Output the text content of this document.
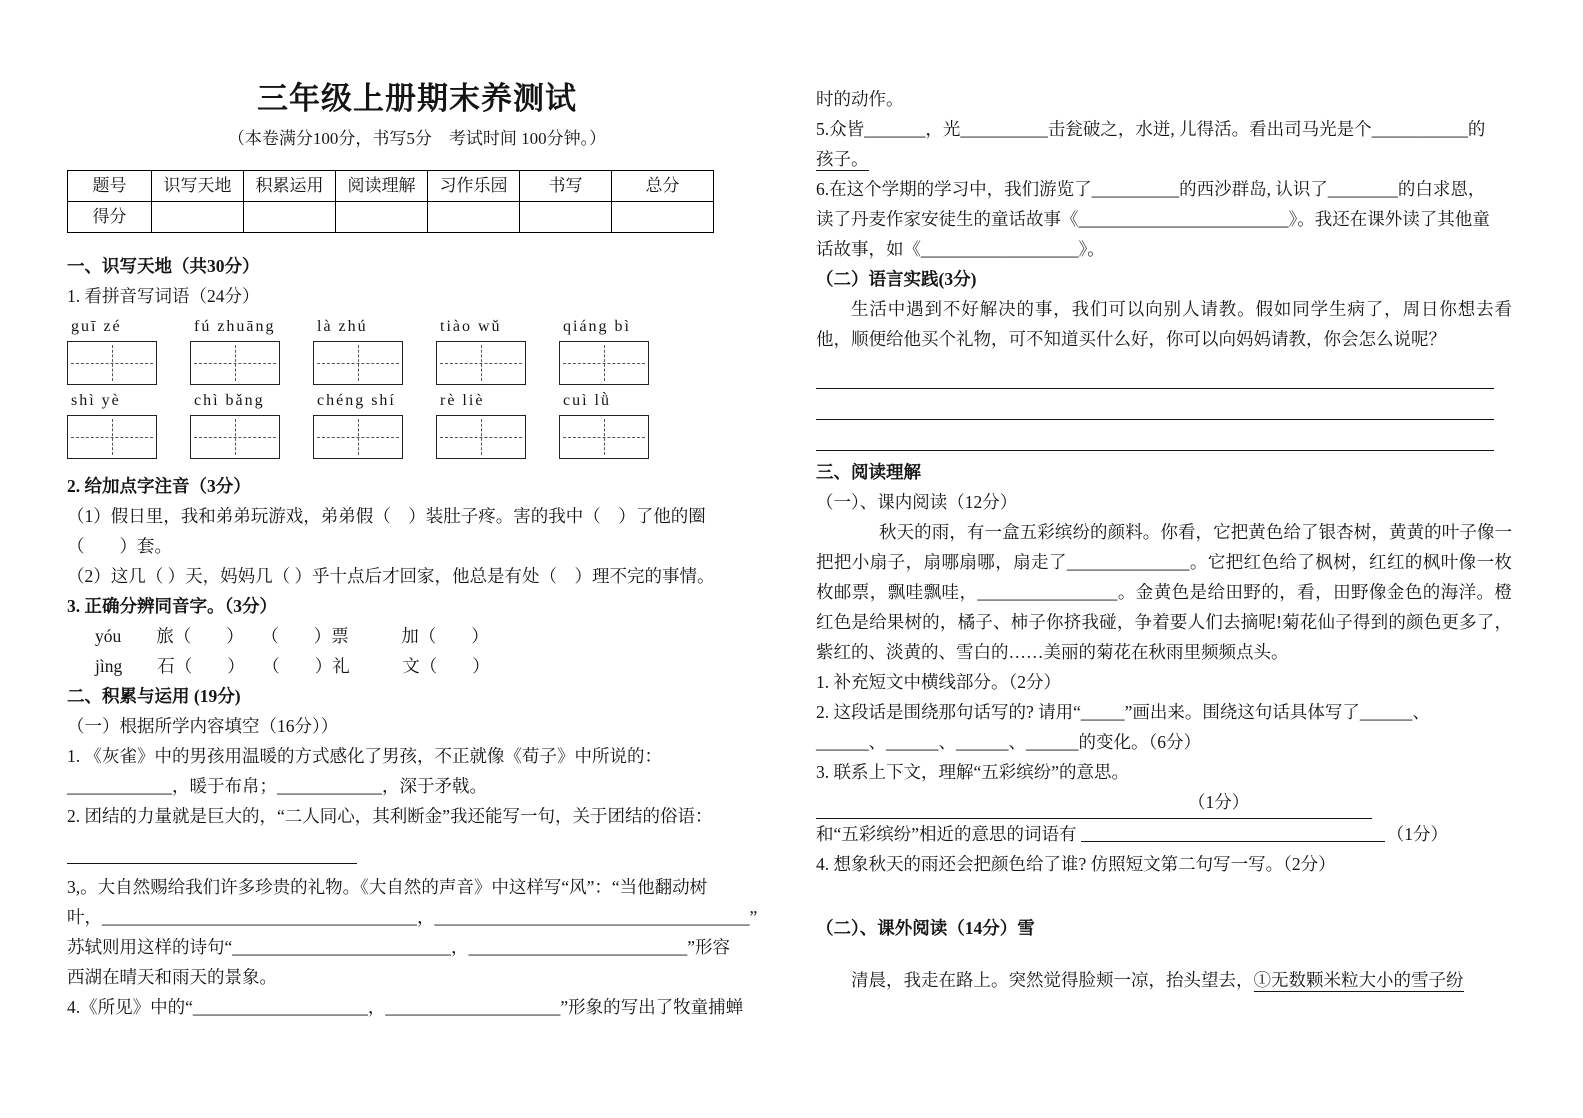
三年级上册期末养测试
（本卷满分100分，书写5分　考试时间 100分钟。）
题号	识写天地	积累运用	阅读理解	习作乐园	书写	总分
得分						
一、识写天地（共30分）
1. 看拼音写词语（24分）
guī zé	fú zhuāng	là zhú	tiào wǔ	qiáng bì
shì yè	chì bǎng	chéng shí	rè liè	cuì lǜ
2. 给加点字注音（3分）
（1）假日里，我和弟弟玩游戏，弟弟假（　）装肚子疼。害的我中（　）了他的圈
（　　）套。
（2）这几（ ）天，妈妈几（ ）乎十点后才回家，他总是有处（　）理不完的事情。
3. 正确分辨同音字。（3分）
yóu　　旅（　　）　　（　　）票　　　加（　　）
jìng　　石（　　）　　（　　）礼　　　文（　　）
二、积累与运用 (19分)
（一）根据所学内容填空（16分））
1. 《灰雀》中的男孩用温暖的方式感化了男孩，不正就像《荀子》中所说的：
____________，暖于布帛；____________，深于矛戟。
2. 团结的力量就是巨大的，“二人同心，其利断金”我还能写一句，关于团结的俗语：
3,。大自然赐给我们许多珍贵的礼物。《大自然的声音》中这样写“风”：“当他翻动树
叶，____________________________________，____________________________________”
苏轼则用这样的诗句“_________________________，_________________________”形容
西湖在晴天和雨天的景象。
4.《所见》中的“____________________，____________________”形象的写出了牧童捕蝉
时的动作。
5.众皆_______，光__________击瓮破之，水迸, 儿得活。看出司马光是个___________的
孩子。
6.在这个学期的学习中，我们游览了__________的西沙群岛, 认识了________的白求恩，
读了丹麦作家安徒生的童话故事《________________________》。我还在课外读了其他童
话故事，如《__________________》。
（二）语言实践(3分)
生活中遇到不好解决的事，我们可以向别人请教。假如同学生病了，周日你想去看他，顺便给他买个礼物，可不知道买什么好，你可以向妈妈请教，你会怎么说呢？
三、阅读理解
（一）、课内阅读（12分）
秋天的雨，有一盒五彩缤纷的颜料。你看，它把黄色给了银杏树，黄黄的叶子像一把把小扇子，扇哪扇哪，扇走了______________。它把红色给了枫树，红红的枫叶像一枚枚邮票，飘哇飘哇，________________。金黄色是给田野的，看，田野像金色的海洋。橙红色是给果树的，橘子、柿子你挤我碰，争着要人们去摘呢!菊花仙子得到的颜色更多了，紫红的、淡黄的、雪白的……美丽的菊花在秋雨里频频点头。
1. 补充短文中横线部分。（2分）
2. 这段话是围绕那句话写的? 请用“_____”画出来。围绕这句话具体写了______、
______、______、______、______的变化。（6分）
3. 联系上下文，理解“五彩缤纷”的意思。
（1分）
和“五彩缤纷”相近的意思的词语有	（1分）
4. 想象秋天的雨还会把颜色给了谁? 仿照短文第二句写一写。（2分）
（二）、课外阅读（14分）雪
清晨，我走在路上。突然觉得脸颊一凉，抬头望去，①无数颗米粒大小的雪子纷
